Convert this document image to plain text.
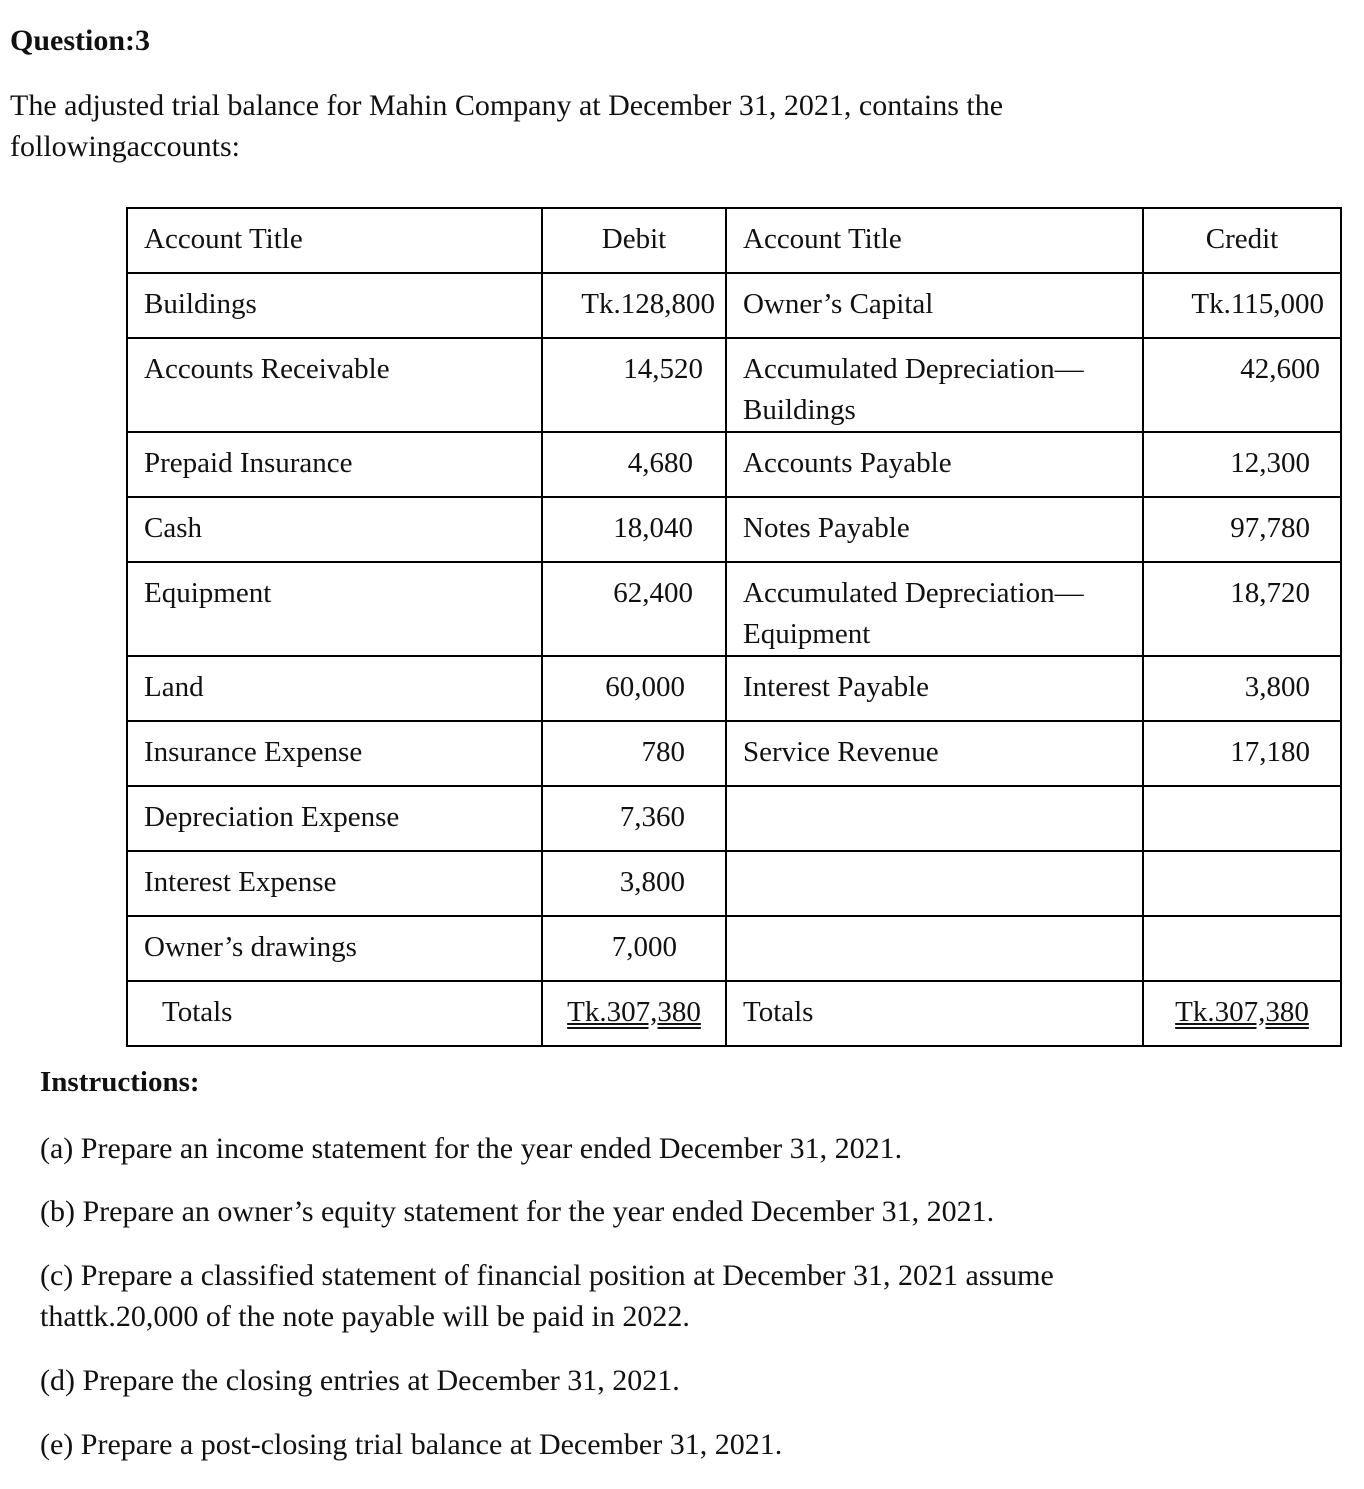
Question:3

The adjusted trial balance for Mahin Company at December 31, 2021, contains the followingaccounts:

Account Title	Debit	Account Title	Credit
Buildings	Tk.128,800	Owner’s Capital	Tk.115,000
Accounts Receivable	14,520	Accumulated Depreciation—Buildings	42,600
Prepaid Insurance	4,680	Accounts Payable	12,300
Cash	18,040	Notes Payable	97,780
Equipment	62,400	Accumulated Depreciation—Equipment	18,720
Land	60,000	Interest Payable	3,800
Insurance Expense	780	Service Revenue	17,180
Depreciation Expense	7,360		
Interest Expense	3,800		
Owner’s drawings	7,000		
Totals	Tk.307,380	Totals	Tk.307,380
Instructions:

(a) Prepare an income statement for the year ended December 31, 2021.

(b) Prepare an owner’s equity statement for the year ended December 31, 2021.

(c) Prepare a classified statement of financial position at December 31, 2021 assume thattk.20,000 of the note payable will be paid in 2022.

(d) Prepare the closing entries at December 31, 2021.

(e) Prepare a post-closing trial balance at December 31, 2021.
